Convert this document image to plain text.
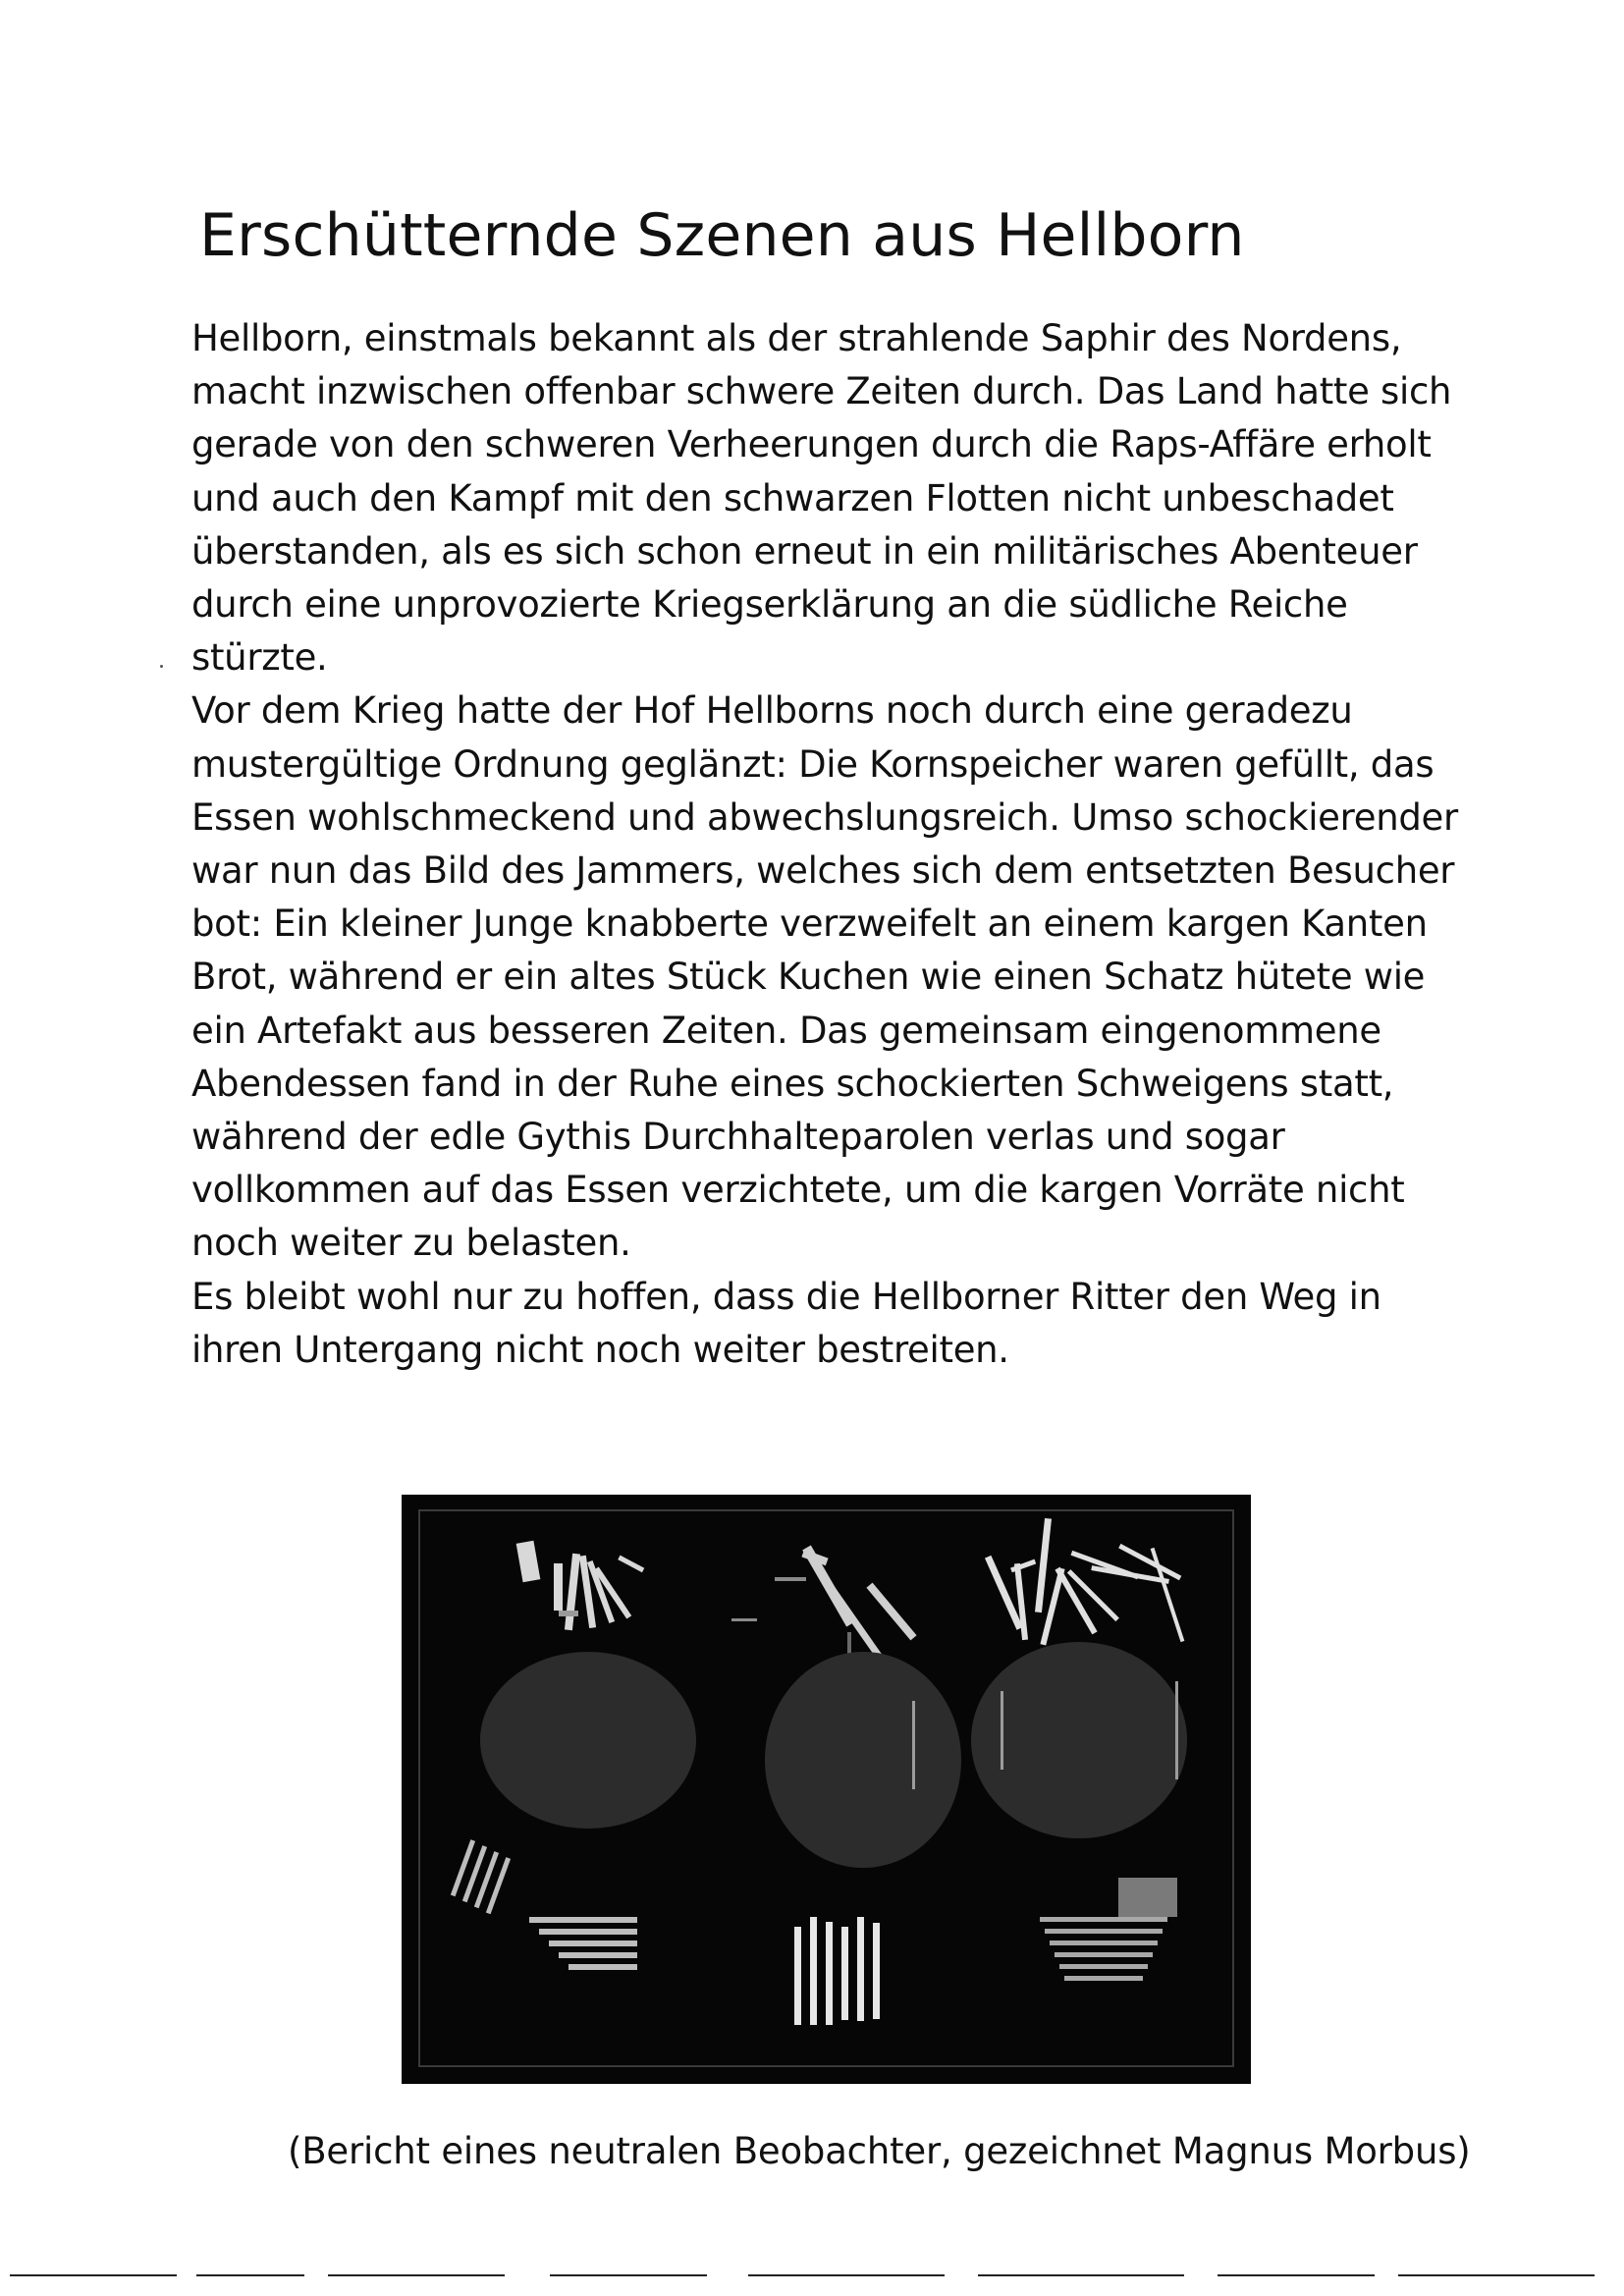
Erschütternde Szenen aus Hellborn
Hellborn, einstmals bekannt als der strahlende Saphir des Nordens,
macht inzwischen offenbar schwere Zeiten durch. Das Land hatte sich
gerade von den schweren Verheerungen durch die Raps-Affäre erholt
und auch den Kampf mit den schwarzen Flotten nicht unbeschadet
überstanden, als es sich schon erneut in ein militärisches Abenteuer
durch eine unprovozierte Kriegserklärung an die südliche Reiche
stürzte.
Vor dem Krieg hatte der Hof Hellborns noch durch eine geradezu
mustergültige Ordnung geglänzt: Die Kornspeicher waren gefüllt, das
Essen wohlschmeckend und abwechslungsreich. Umso schockierender
war nun das Bild des Jammers, welches sich dem entsetzten Besucher
bot: Ein kleiner Junge knabberte verzweifelt an einem kargen Kanten
Brot, während er ein altes Stück Kuchen wie einen Schatz hütete wie
ein Artefakt aus besseren Zeiten. Das gemeinsam eingenommene
Abendessen fand in der Ruhe eines schockierten Schweigens statt,
während der edle Gythis Durchhalteparolen verlas und sogar
vollkommen auf das Essen verzichtete, um die kargen Vorräte nicht
noch weiter zu belasten.
Es bleibt wohl nur zu hoffen, dass die Hellborner Ritter den Weg in
ihren Untergang nicht noch weiter bestreiten.
(Bericht eines neutralen Beobachter, gezeichnet Magnus Morbus)
